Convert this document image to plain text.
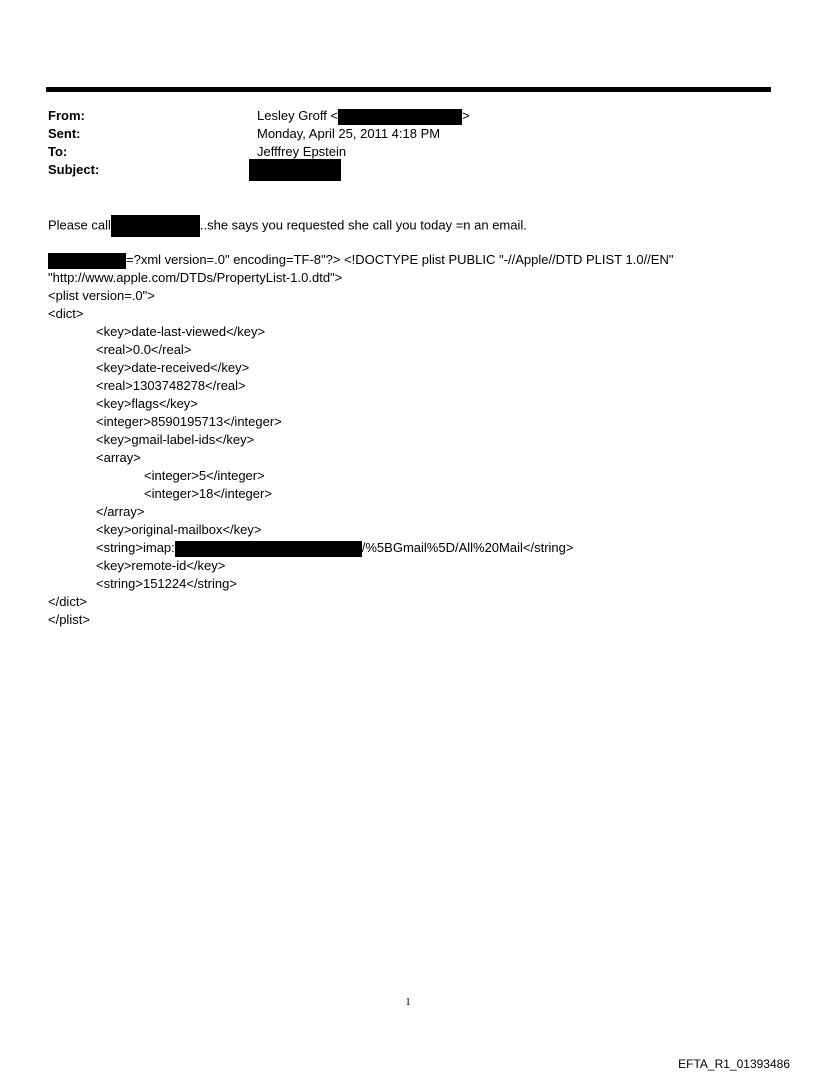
From:	Lesley Groff <	>
Sent:	Monday, April 25, 2011 4:18 PM
To:	Jefffrey Epstein
Subject:
Please call	..she says you requested she call you today =n an email.
=?xml version=.0" encoding=TF-8"?> <!DOCTYPE plist PUBLIC "-//Apple//DTD PLIST 1.0//EN"
"http://www.apple.com/DTDs/PropertyList-1.0.dtd">
<plist version=.0">
<dict>
<key>date-last-viewed</key>
<real>0.0</real>
<key>date-received</key>
<real>1303748278</real>
<key>flags</key>
<integer>8590195713</integer>
<key>gmail-label-ids</key>
<array>
<integer>5</integer>
<integer>18</integer>
</array>
<key>original-mailbox</key>
<string>imap:	/%5BGmail%5D/All%20Mail</string>
<key>remote-id</key>
<string>151224</string>
</dict>
</plist>
1
EFTA_R1_01393486
